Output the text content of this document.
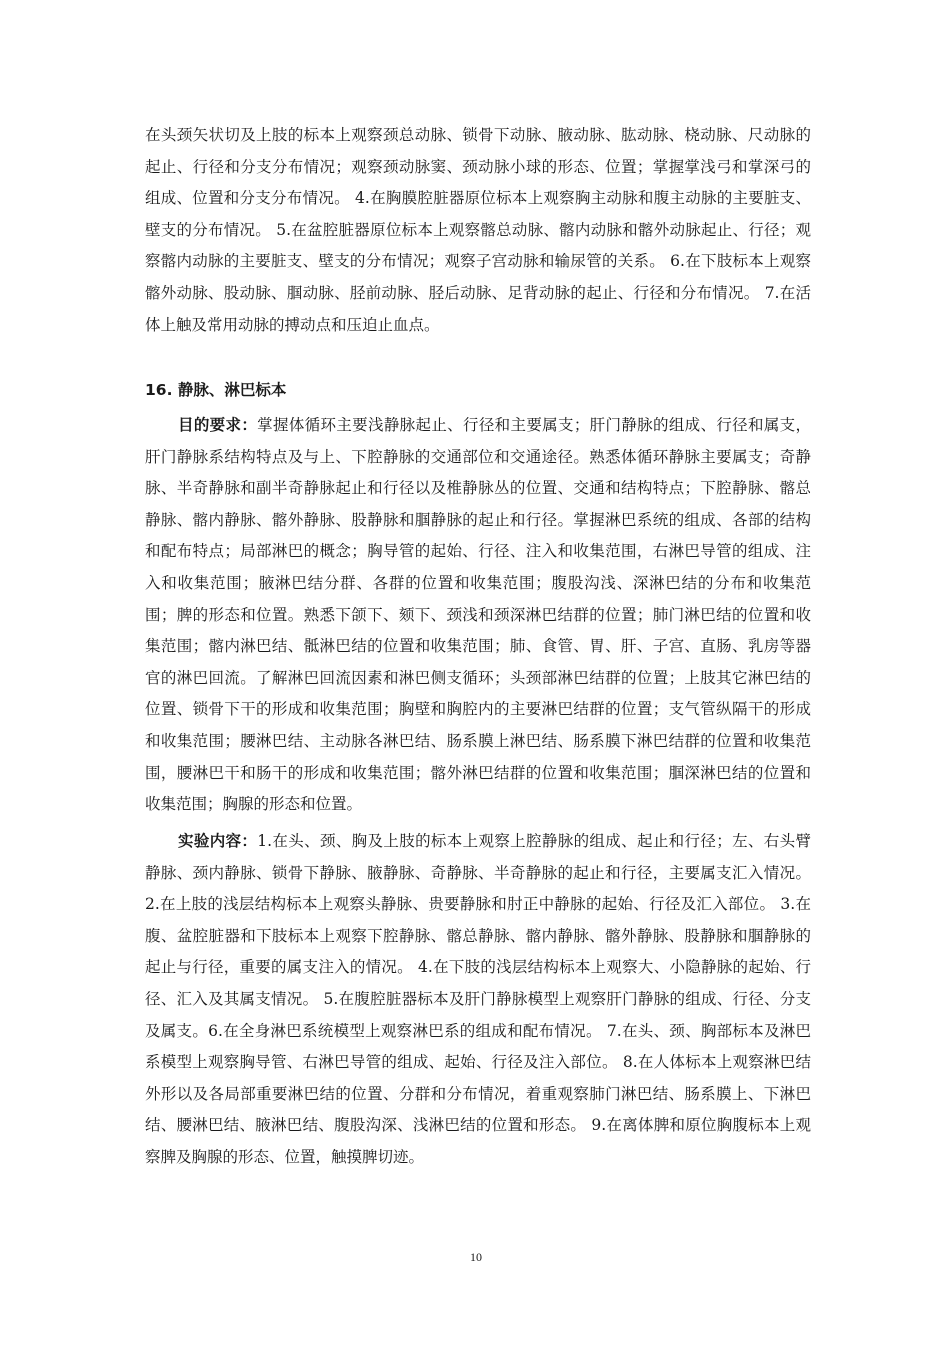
在头颈矢状切及上肢的标本上观察颈总动脉、锁骨下动脉、腋动脉、肱动脉、桡动脉、尺动脉的起止、行径和分支分布情况；观察颈动脉窦、颈动脉小球的形态、位置；掌握掌浅弓和掌深弓的组成、位置和分支分布情况。 4.在胸膜腔脏器原位标本上观察胸主动脉和腹主动脉的主要脏支、壁支的分布情况。 5.在盆腔脏器原位标本上观察髂总动脉、髂内动脉和髂外动脉起止、行径；观察髂内动脉的主要脏支、壁支的分布情况；观察子宫动脉和输尿管的关系。 6.在下肢标本上观察髂外动脉、股动脉、腘动脉、胫前动脉、胫后动脉、足背动脉的起止、行径和分布情况。 7.在活体上触及常用动脉的搏动点和压迫止血点。

16. 静脉、淋巴标本

目的要求：掌握体循环主要浅静脉起止、行径和主要属支；肝门静脉的组成、行径和属支，肝门静脉系结构特点及与上、下腔静脉的交通部位和交通途径。熟悉体循环静脉主要属支；奇静脉、半奇静脉和副半奇静脉起止和行径以及椎静脉丛的位置、交通和结构特点；下腔静脉、髂总静脉、髂内静脉、髂外静脉、股静脉和腘静脉的起止和行径。掌握淋巴系统的组成、各部的结构和配布特点；局部淋巴的概念；胸导管的起始、行径、注入和收集范围，右淋巴导管的组成、注入和收集范围；腋淋巴结分群、各群的位置和收集范围；腹股沟浅、深淋巴结的分布和收集范围；脾的形态和位置。熟悉下颌下、颏下、颈浅和颈深淋巴结群的位置；肺门淋巴结的位置和收集范围；髂内淋巴结、骶淋巴结的位置和收集范围；肺、食管、胃、肝、子宫、直肠、乳房等器官的淋巴回流。了解淋巴回流因素和淋巴侧支循环；头颈部淋巴结群的位置；上肢其它淋巴结的位置、锁骨下干的形成和收集范围；胸壁和胸腔内的主要淋巴结群的位置；支气管纵隔干的形成和收集范围；腰淋巴结、主动脉各淋巴结、肠系膜上淋巴结、肠系膜下淋巴结群的位置和收集范围，腰淋巴干和肠干的形成和收集范围；髂外淋巴结群的位置和收集范围；腘深淋巴结的位置和收集范围；胸腺的形态和位置。

实验内容：1.在头、颈、胸及上肢的标本上观察上腔静脉的组成、起止和行径；左、右头臂静脉、颈内静脉、锁骨下静脉、腋静脉、奇静脉、半奇静脉的起止和行径，主要属支汇入情况。 2.在上肢的浅层结构标本上观察头静脉、贵要静脉和肘正中静脉的起始、行径及汇入部位。 3.在腹、盆腔脏器和下肢标本上观察下腔静脉、髂总静脉、髂内静脉、髂外静脉、股静脉和腘静脉的起止与行径，重要的属支注入的情况。 4.在下肢的浅层结构标本上观察大、小隐静脉的起始、行径、汇入及其属支情况。 5.在腹腔脏器标本及肝门静脉模型上观察肝门静脉的组成、行径、分支及属支。6.在全身淋巴系统模型上观察淋巴系的组成和配布情况。 7.在头、颈、胸部标本及淋巴系模型上观察胸导管、右淋巴导管的组成、起始、行径及注入部位。 8.在人体标本上观察淋巴结外形以及各局部重要淋巴结的位置、分群和分布情况，着重观察肺门淋巴结、肠系膜上、下淋巴结、腰淋巴结、腋淋巴结、腹股沟深、浅淋巴结的位置和形态。 9.在离体脾和原位胸腹标本上观察脾及胸腺的形态、位置，触摸脾切迹。

10
